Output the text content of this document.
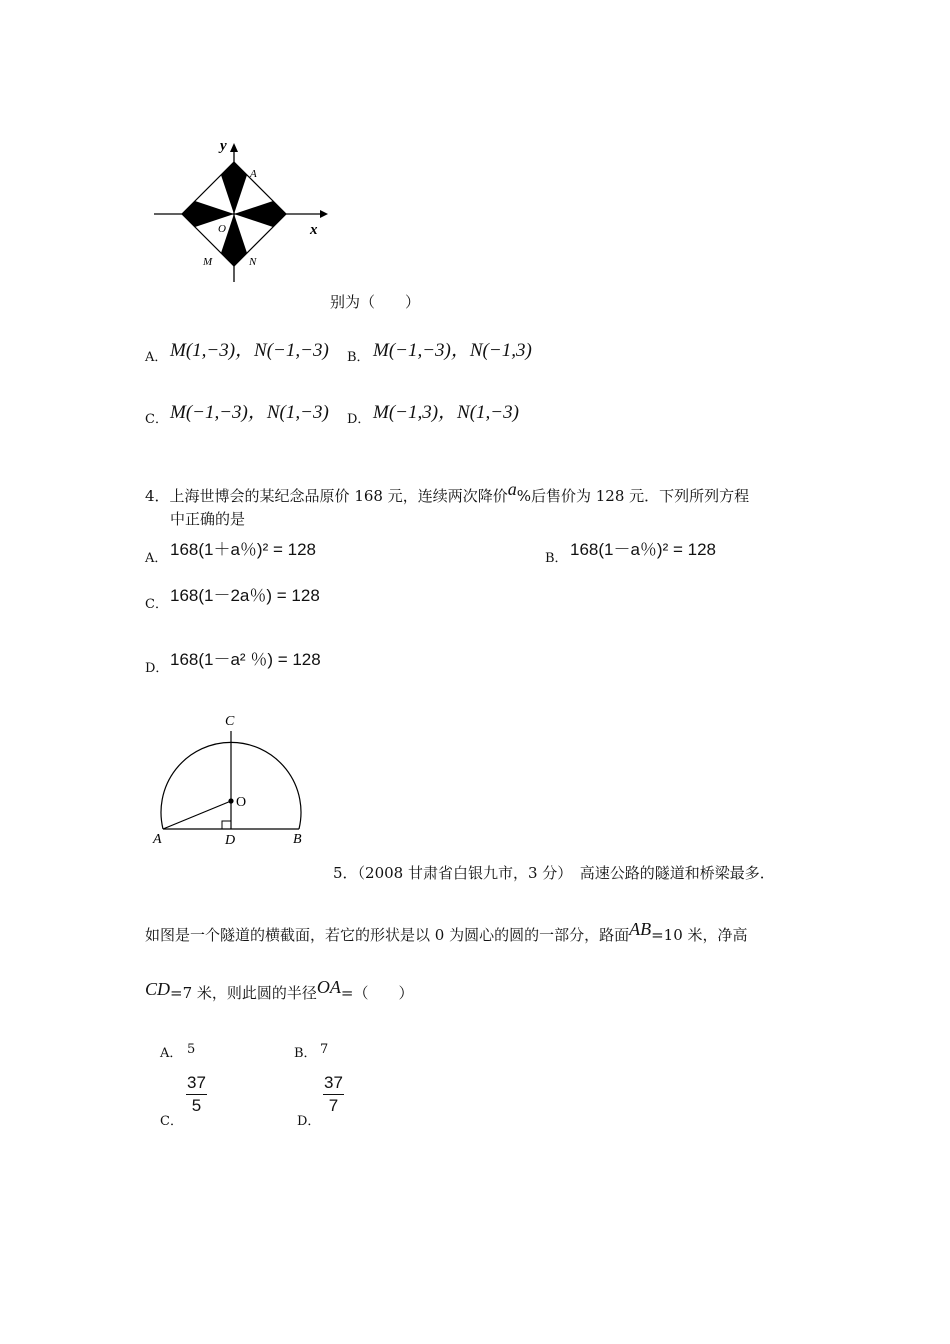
y
x
A
O
M	N
别为（　　）
A． M(1,−3)，N(−1,−3) B． M(−1,−3)，N(−1,3)
C． M(−1,−3)，N(1,−3) D． M(−1,3)，N(1,−3)
4．上海世博会的某纪念品原价 168 元，连续两次降价a%后售价为 128 元．下列所列方程
中正确的是
A． 168(1＋a％)² = 128	B． 168(1－a％)² = 128
C． 168(1－2a％) = 128
D． 168(1－a² ％) = 128
C
O
A	D	B
5．（2008 甘肃省白银九市，3 分）　高速公路的隧道和桥梁最多．
如图是一个隧道的横截面，若它的形状是以 0 为圆心的圆的一部分，路面AB=10 米，净高
CD=7 米，则此圆的半径OA=（　　）
A． 5	B． 7
C．
$\frac{37}{5}$
D．
$\frac{37}{7}$
